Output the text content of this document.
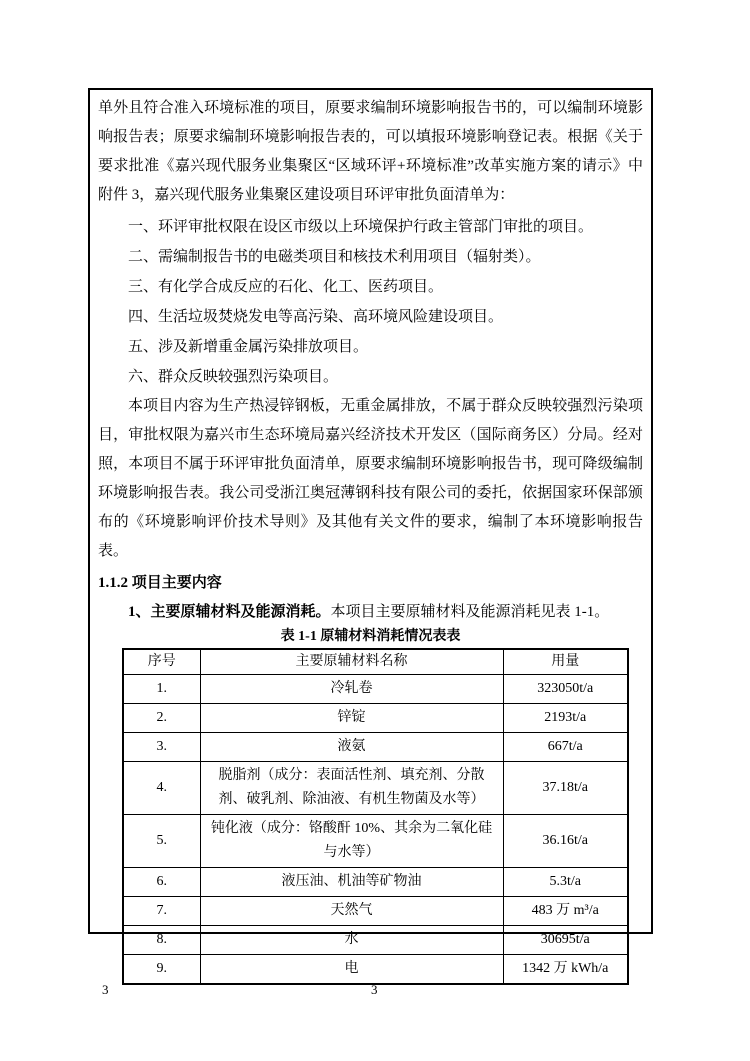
单外且符合准入环境标准的项目，原要求编制环境影响报告书的，可以编制环境影响报告表；原要求编制环境影响报告表的，可以填报环境影响登记表。根据《关于要求批准《嘉兴现代服务业集聚区“区域环评+环境标准”改革实施方案的请示》中附件 3，嘉兴现代服务业集聚区建设项目环评审批负面清单为：

一、环评审批权限在设区市级以上环境保护行政主管部门审批的项目。
二、需编制报告书的电磁类项目和核技术利用项目（辐射类）。
三、有化学合成反应的石化、化工、医药项目。
四、生活垃圾焚烧发电等高污染、高环境风险建设项目。
五、涉及新增重金属污染排放项目。
六、群众反映较强烈污染项目。

本项目内容为生产热浸锌钢板，无重金属排放，不属于群众反映较强烈污染项目，审批权限为嘉兴市生态环境局嘉兴经济技术开发区（国际商务区）分局。经对照，本项目不属于环评审批负面清单，原要求编制环境影响报告书，现可降级编制环境影响报告表。我公司受浙江奥冠薄钢科技有限公司的委托，依据国家环保部颁布的《环境影响评价技术导则》及其他有关文件的要求，编制了本环境影响报告表。

1.1.2 项目主要内容

1、主要原辅材料及能源消耗。本项目主要原辅材料及能源消耗见表 1-1。

表 1-1 原辅材料消耗情况表表
序号	主要原辅材料名称	用量
1.	冷轧卷	323050t/a
2.	锌锭	2193t/a
3.	液氨	667t/a
4.	脱脂剂（成分：表面活性剂、填充剂、分散剂、破乳剂、除油液、有机生物菌及水等）	37.18t/a
5.	钝化液（成分：铬酸酐 10%、其余为二氧化硅与水等）	36.16t/a
6.	液压油、机油等矿物油	5.3t/a
7.	天然气	483 万 m³/a
8.	水	30695t/a
9.	电	1342 万 kWh/a
3	3
